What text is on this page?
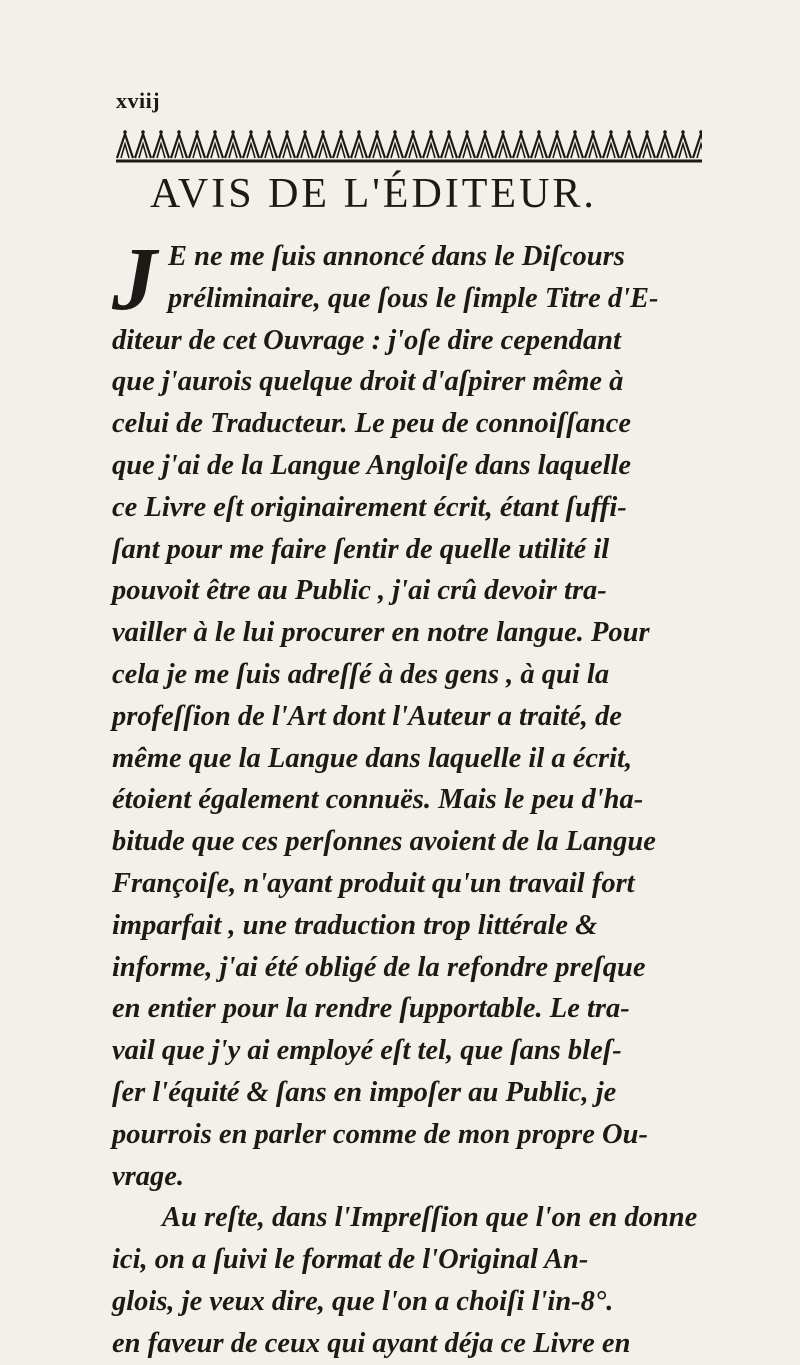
xviij
AVIS DE L'ÉDITEUR.
J E ne me ſuis annoncé dans le Diſcours
préliminaire, que ſous le ſimple Titre d'E-
diteur de cet Ouvrage : j'oſe dire cependant
que j'aurois quelque droit d'aſpirer même à
celui de Traducteur. Le peu de connoiſſance
que j'ai de la Langue Angloiſe dans laquelle
ce Livre eſt originairement écrit, étant ſuffi-
ſant pour me faire ſentir de quelle utilité il
pouvoit être au Public , j'ai crû devoir tra-
vailler à le lui procurer en notre langue. Pour
cela je me ſuis adreſſé à des gens , à qui la
profeſſion de l'Art dont l'Auteur a traité, de
même que la Langue dans laquelle il a écrit,
étoient également connuës. Mais le peu d'ha-
bitude que ces perſonnes avoient de la Langue
Françoiſe, n'ayant produit qu'un travail fort
imparfait , une traduction trop littérale &
informe, j'ai été obligé de la refondre preſque
en entier pour la rendre ſupportable. Le tra-
vail que j'y ai employé eſt tel, que ſans bleſ-
ſer l'équité & ſans en impoſer au Public, je
pourrois en parler comme de mon propre Ou-
vrage.
Au reſte, dans l'Impreſſion que l'on en donne
ici, on a ſuivi le format de l'Original An-
glois, je veux dire, que l'on a choiſi l'in-8°.
en faveur de ceux qui ayant déja ce Livre en
